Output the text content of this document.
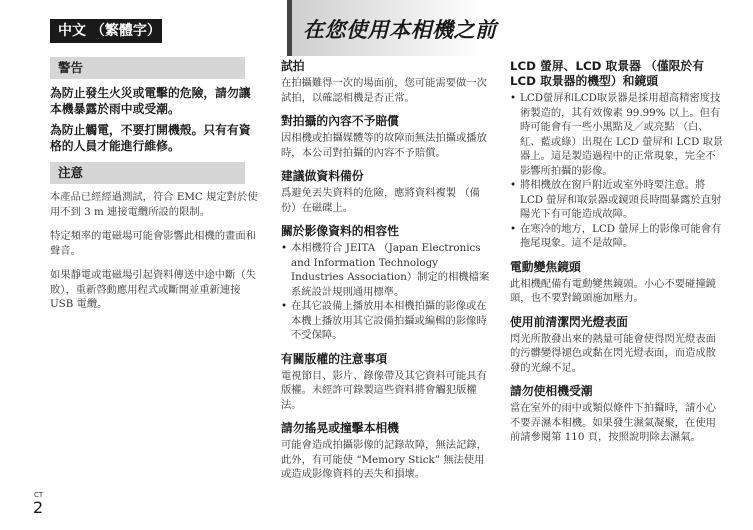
中文 （繁體字）	在您使用本相機之前
警告

為防止發生火災或電擊的危險，請勿讓本機暴露於雨中或受潮。

為防止觸電，不要打開機殼。只有有資格的人員才能進行維修。

注意

本產品已經經過測試，符合 EMC 規定對於使用不到 3 m 連接電纜所設的限制。

特定頻率的電磁場可能會影響此相機的畫面和聲音。

如果靜電或電磁場引起資料傳送中途中斷（失敗），重新啓動應用程式或斷開並重新連接 USB 電纜。

試拍

在拍攝難得一次的場面前，您可能需要做一次試拍，以確認相機是否正常。

對拍攝的內容不予賠償

因相機或拍攝媒體等的故障而無法拍攝或播放時，本公司對拍攝的內容不予賠償。

建議做資料備份

爲避免丟失資料的危險，應將資料複製 （備份）在磁碟上。

關於影像資料的相容性

• 本相機符合 JEITA （Japan Electronics and Information Technology Industries Association）制定的相機檔案系統設計規則通用標準。
• 在其它設備上播放用本相機拍攝的影像或在本機上播放用其它設備拍攝或編輯的影像時不受保障。

有關版權的注意事項

電視節目、影片、錄像帶及其它資料可能具有版權。未經許可錄製這些資料將會觸犯版權法。

請勿搖晃或撞擊本相機

可能會造成拍攝影像的記錄故障，無法記錄，此外，有可能使 “Memory Stick” 無法使用或造成影像資料的丟失和損壞。

LCD 螢屏、LCD 取景器 （僅限於有 LCD 取景器的機型）和鏡頭

• LCD螢屏和LCD取景器是採用超高精密度技術製造的，其有效像素 99.99% 以上。但有時可能會有一些小黑點及／或亮點 （白、紅、藍或綠）出現在 LCD 螢屏和 LCD 取景器上。這是製造過程中的正常現象，完全不影響所拍攝的影像。
• 將相機放在窗戶附近或室外時要注意。將LCD 螢屏和取景器或鏡頭長時間暴露於直射陽光下有可能造成故障。
• 在寒冷的地方，LCD 螢屏上的影像可能會有拖尾現象。這不是故障。

電動變焦鏡頭

此相機配備有電動變焦鏡頭。小心不要碰撞鏡頭，也不要對鏡頭施加壓力。

使用前清潔閃光燈表面

閃光所散發出來的熱量可能會使得閃光燈表面的污髒變得褪色或黏在閃光燈表面，而造成散發的光線不足。

請勿使相機受潮

當在室外的雨中或類似條件下拍攝時，請小心不要弄濕本相機。如果發生濕氣凝聚，在使用前請參閱第 110 頁，按照說明除去濕氣。

CT
2
